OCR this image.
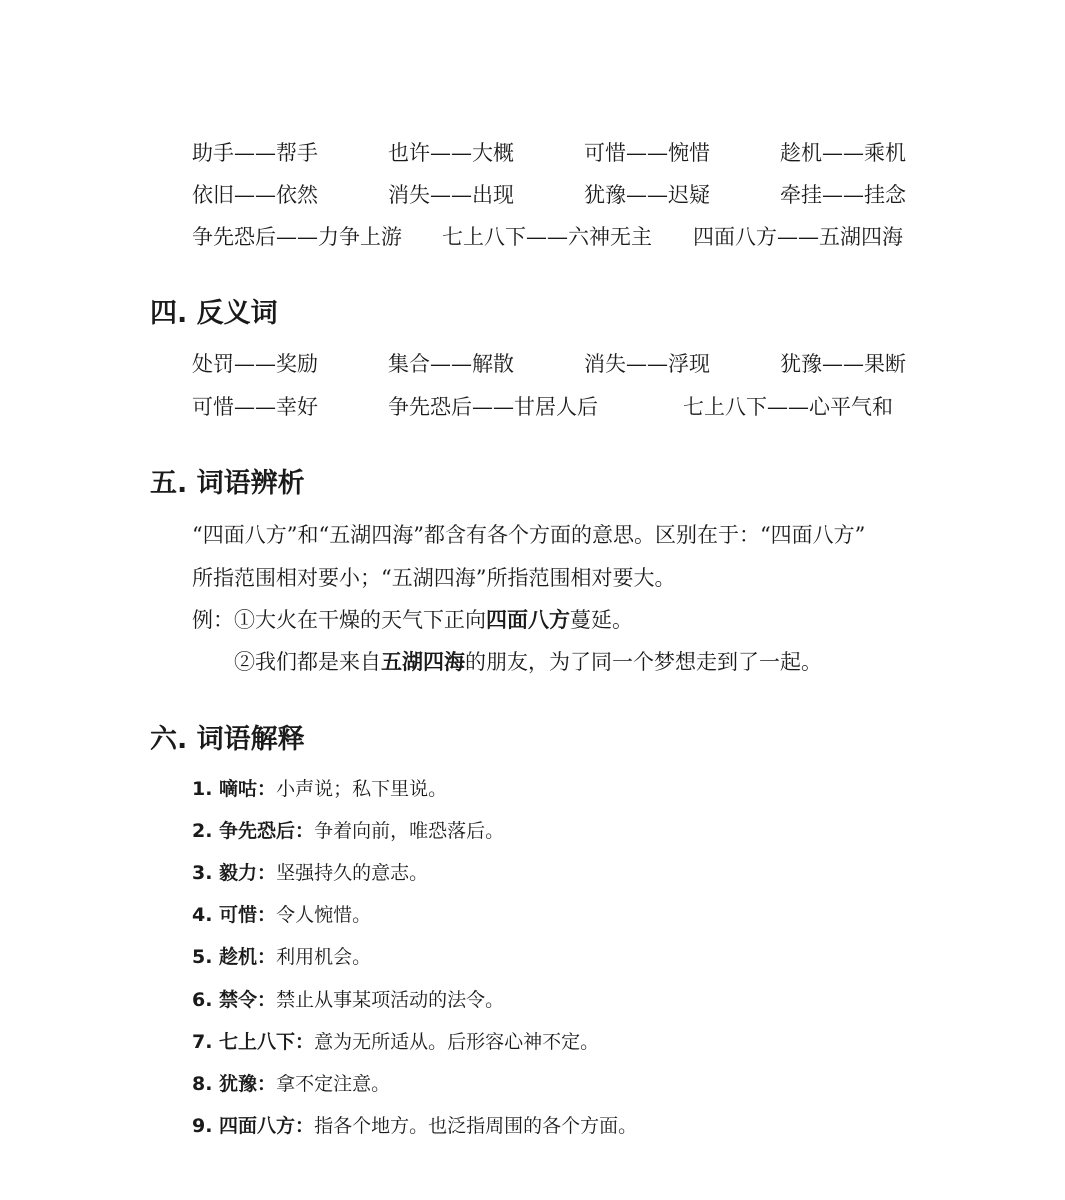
助手——帮手	也许——大概	可惜——惋惜	趁机——乘机
依旧——依然	消失——出现	犹豫——迟疑	牵挂——挂念
争先恐后——力争上游 七上八下——六神无主 四面八方——五湖四海
四. 反义词
处罚——奖励	集合——解散	消失——浮现	犹豫——果断
可惜——幸好	争先恐后——甘居人后	七上八下——心平气和
五. 词语辨析
“四面八方”和“五湖四海”都含有各个方面的意思。区别在于：“四面八方”
所指范围相对要小；“五湖四海”所指范围相对要大。
例：①大火在干燥的天气下正向四面八方蔓延。
②我们都是来自五湖四海的朋友，为了同一个梦想走到了一起。
六. 词语解释
1. 嘀咕：小声说；私下里说。
2. 争先恐后：争着向前，唯恐落后。
3. 毅力：坚强持久的意志。
4. 可惜：令人惋惜。
5. 趁机：利用机会。
6. 禁令：禁止从事某项活动的法令。
7. 七上八下：意为无所适从。后形容心神不定。
8. 犹豫：拿不定注意。
9. 四面八方：指各个地方。也泛指周围的各个方面。
